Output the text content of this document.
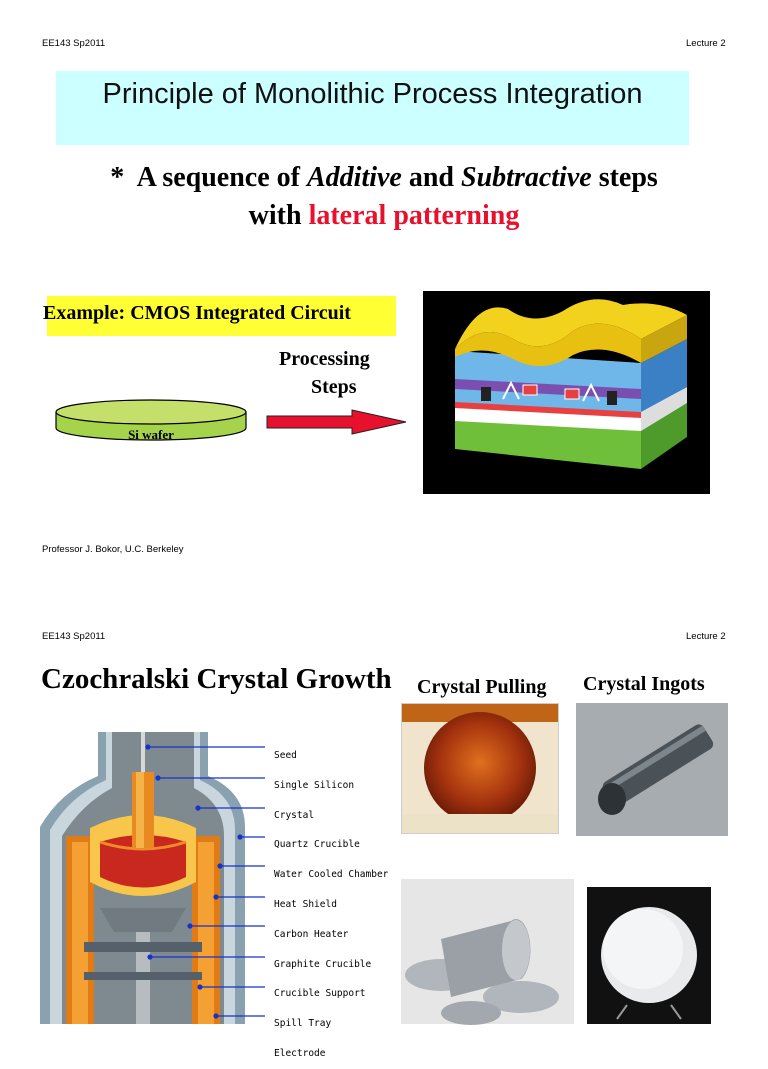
EE143 Sp2011	Lecture 2
Principle of Monolithic Process Integration
* A sequence of Additive and Subtractive steps
with lateral patterning
Example: CMOS Integrated Circuit
Processing
Steps
Si wafer
Professor J. Bokor, U.C. Berkeley
EE143 Sp2011	Lecture 2
Czochralski Crystal Growth Crystal Pulling Crystal Ingots
Seed
Single Silicon Crystal
Quartz Crucible
Water Cooled Chamber
Heat Shield
Carbon Heater
Graphite Crucible
Crucible Support
Spill Tray
Electrode
